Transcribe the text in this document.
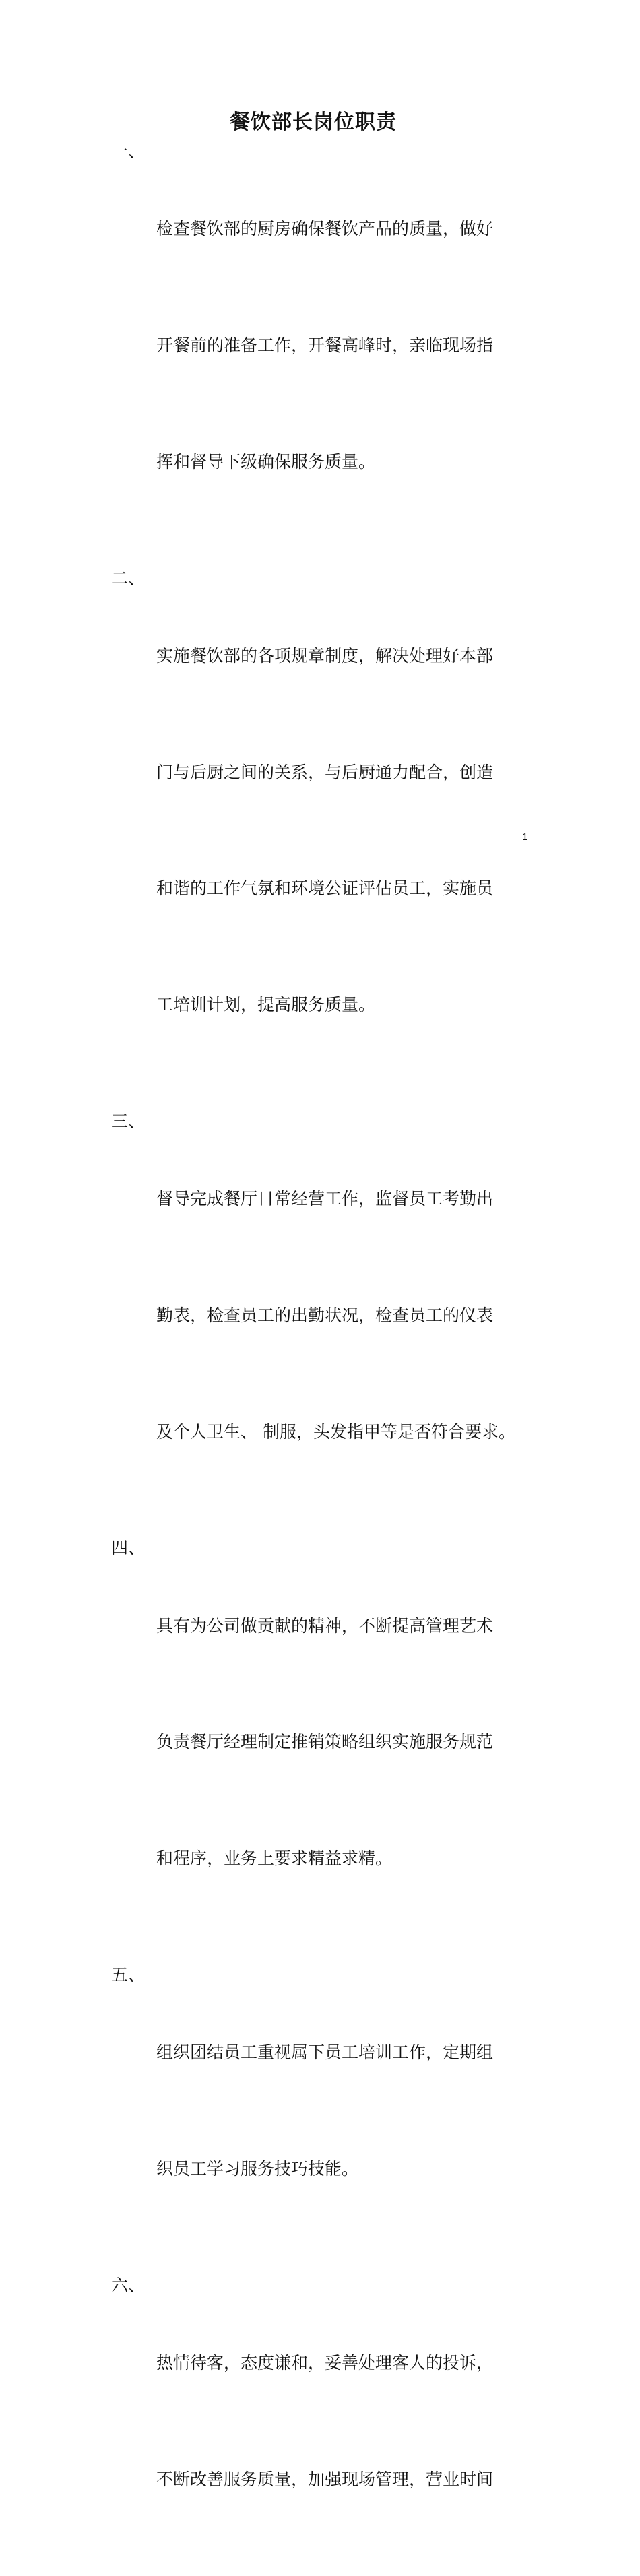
餐饮部长岗位职责
一、

检查餐饮部的厨房确保餐饮产品的质量，做好

开餐前的准备工作，开餐高峰时，亲临现场指

挥和督导下级确保服务质量。

二、

实施餐饮部的各项规章制度，解决处理好本部

门与后厨之间的关系，与后厨通力配合，创造

和谐的工作气氛和环境公证评估员工，实施员

工培训计划，提高服务质量。

三、

督导完成餐厅日常经营工作，监督员工考勤出

勤表，检查员工的出勤状况，检查员工的仪表

及个人卫生、 制服，头发指甲等是否符合要求。

四、

具有为公司做贡献的精神，不断提高管理艺术

负责餐厅经理制定推销策略组织实施服务规范

和程序，业务上要求精益求精。

五、

组织团结员工重视属下员工培训工作，定期组

织员工学习服务技巧技能。

六、

热情待客，态度谦和，妥善处理客人的投诉，

不断改善服务质量，加强现场管理，营业时间

1
